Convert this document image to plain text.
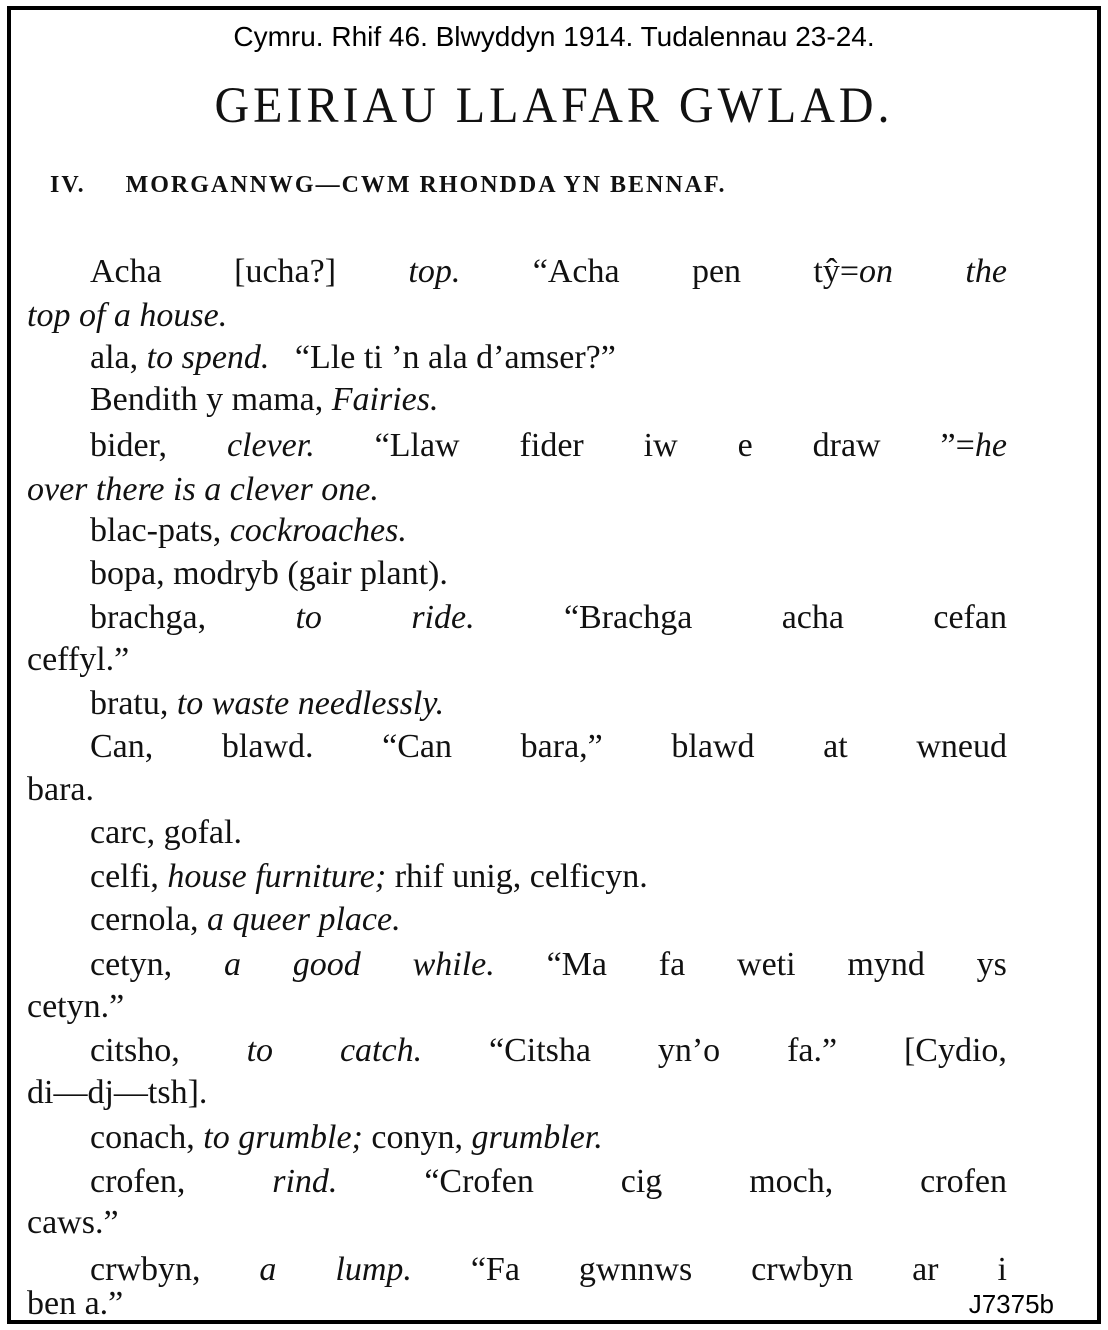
Cymru. Rhif 46. Blwyddyn 1914. Tudalennau 23-24.
GEIRIAU LLAFAR GWLAD.
IV. MORGANNWG—CWM RHONDDA YN BENNAF.
Acha [ucha?] top. “Acha pen tŷ=on the
top of a house.
ala, to spend. “Lle ti ’n ala d’amser?”
Bendith y mama, Fairies.
bider, clever. “Llaw fider iw e draw ”=he
over there is a clever one.
blac-pats, cockroaches.
bopa, modryb (gair plant).
brachga,	to	ride.	“Brachga	acha	cefan
ceffyl.”
bratu, to waste needlessly.
Can, blawd. “Can bara,” blawd at wneud
bara.
carc, gofal.
celfi, house furniture; rhif unig, celficyn.
cernola, a queer place.
cetyn, a good while. “Ma fa weti mynd ys
cetyn.”
citsho, to catch. “Citsha yn’o fa.” [Cydio,
di—dj—tsh].
conach, to grumble; conyn, grumbler.
crofen,	rind.	“Crofen	cig	moch,	crofen
caws.”
crwbyn, a lump. “Fa gwnnws crwbyn ar i
ben a.”	J7375b
